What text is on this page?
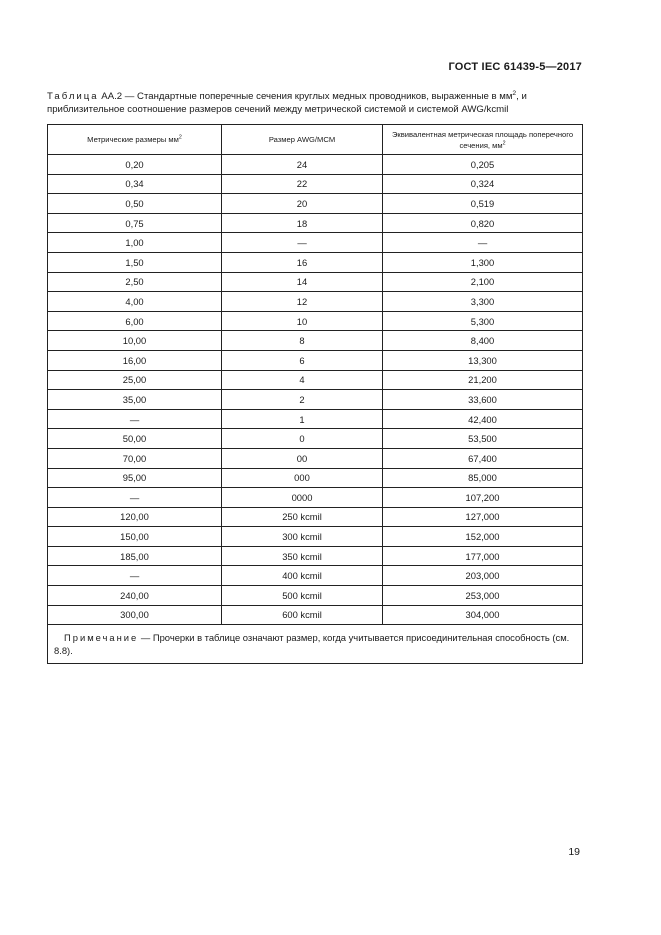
ГОСТ IEC 61439-5—2017
Таблица АА.2 — Стандартные поперечные сечения круглых медных проводников, выраженные в $мм^2$, и приблизительное соотношение размеров сечений между метрической системой и системой AWG/kcmil
Метрические размеры $мм^2$	Размер AWG/MCM	Эквивалентная метрическая площадь поперечного сечения, $мм^2$
0,20	24	0,205
0,34	22	0,324
0,50	20	0,519
0,75	18	0,820
1,00	—	—
1,50	16	1,300
2,50	14	2,100
4,00	12	3,300
6,00	10	5,300
10,00	8	8,400
16,00	6	13,300
25,00	4	21,200
35,00	2	33,600
—	1	42,400
50,00	0	53,500
70,00	00	67,400
95,00	000	85,000
—	0000	107,200
120,00	250 kcmil	127,000
150,00	300 kcmil	152,000
185,00	350 kcmil	177,000
—	400 kcmil	203,000
240,00	500 kcmil	253,000
300,00	600 kcmil	304,000
Примечание — Прочерки в таблице означают размер, когда учитывается присоединительная способность (см. 8.8).		
19
